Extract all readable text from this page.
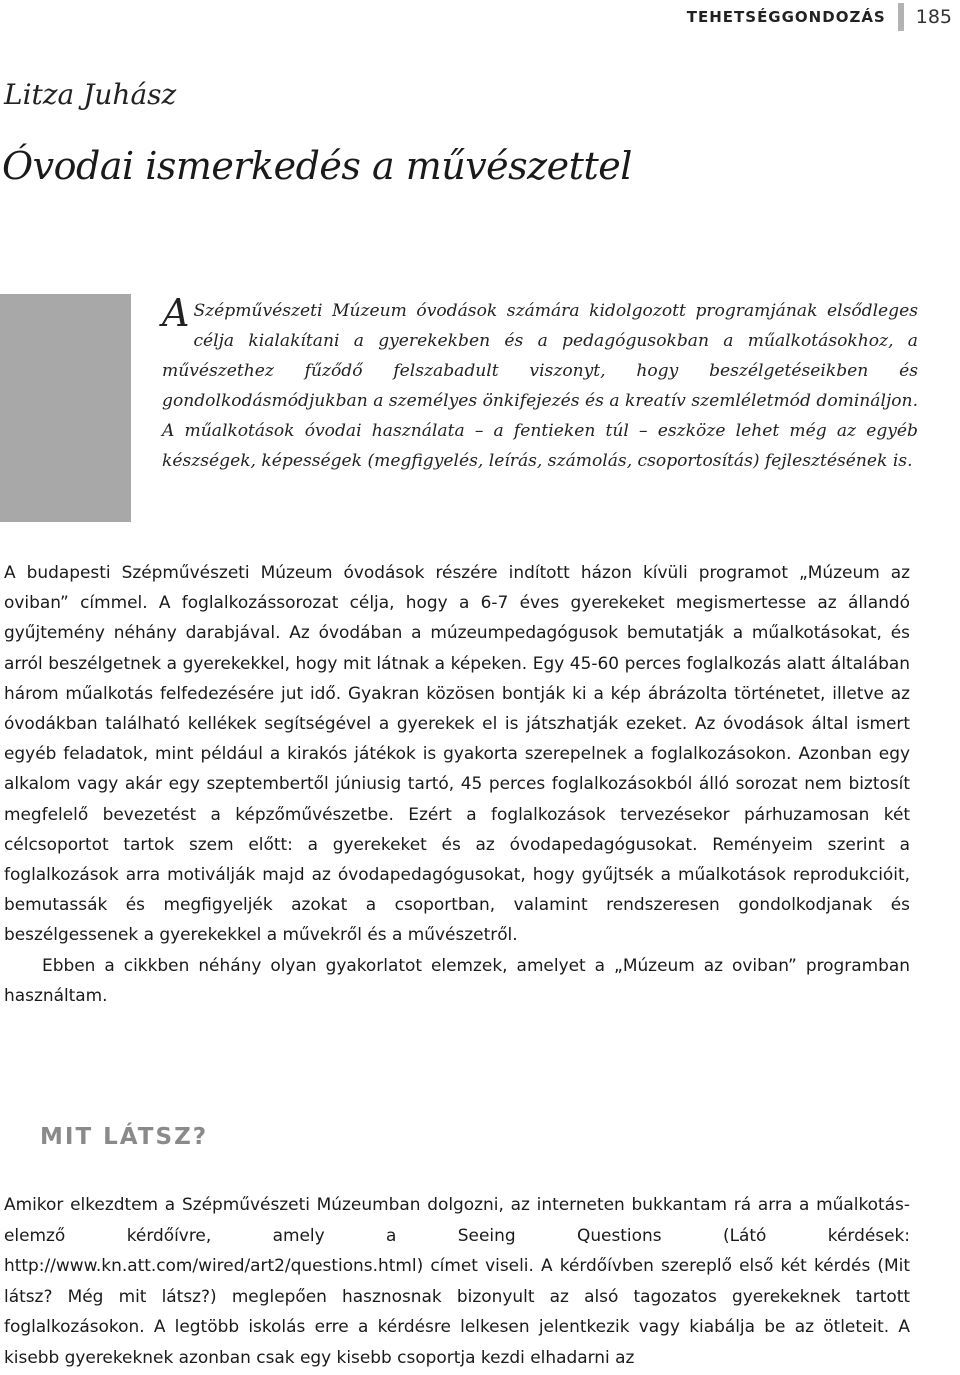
TEHETSÉGGONDOZÁS	185
Litza Juhász
Óvodai ismerkedés a művészettel

A Szépművészeti Múzeum óvodások számára kidolgozott programjának elsődleges célja kialakítani a gyerekekben és a pedagógusokban a műalkotásokhoz, a művészethez fűződő felszabadult viszonyt, hogy beszélgetéseikben és gondolkodásmódjukban a személyes önkifejezés és a kreatív szemléletmód domináljon. A műalkotások óvodai használata – a fentieken túl – eszköze lehet még az egyéb készségek, képességek (megfigyelés, leírás, számolás, csoportosítás) fejlesztésének is.

A budapesti Szépművészeti Múzeum óvodások részére indított házon kívüli programot „Múzeum az oviban” címmel. A foglalkozássorozat célja, hogy a 6-7 éves gyerekeket megismertesse az állandó gyűjtemény néhány darabjával. Az óvodában a múzeumpedagógusok bemutatják a műalkotásokat, és arról beszélgetnek a gyerekekkel, hogy mit látnak a képeken. Egy 45-60 perces foglalkozás alatt általában három műalkotás felfedezésére jut idő. Gyakran közösen bontják ki a kép ábrázolta történetet, illetve az óvodákban található kellékek segítségével a gyerekek el is játszhatják ezeket. Az óvodások által ismert egyéb feladatok, mint például a kirakós játékok is gyakorta szerepelnek a foglalkozásokon. Azonban egy alkalom vagy akár egy szeptembertől júniusig tartó, 45 perces foglalkozásokból álló sorozat nem biztosít megfelelő bevezetést a képzőművészetbe. Ezért a foglalkozások tervezésekor párhuzamosan két célcsoportot tartok szem előtt: a gyerekeket és az óvodapedagógusokat. Reményeim szerint a foglalkozások arra motiválják majd az óvodapedagógusokat, hogy gyűjtsék a műalkotások reprodukcióit, bemutassák és megfigyeljék azokat a csoportban, valamint rendszeresen gondolkodjanak és beszélgessenek a gyerekekkel a művekről és a művészetről.

Ebben a cikkben néhány olyan gyakorlatot elemzek, amelyet a „Múzeum az oviban” programban használtam.

MIT LÁTSZ?

Amikor elkezdtem a Szépművészeti Múzeumban dolgozni, az interneten bukkantam rá arra a műalkotás-elemző kérdőívre, amely a Seeing Questions (Látó kérdések: http://www.kn.att.com/wired/art2/questions.html) címet viseli. A kérdőívben szereplő első két kérdés (Mit látsz? Még mit látsz?) meglepően hasznosnak bizonyult az alsó tagozatos gyerekeknek tartott foglalkozásokon. A legtöbb iskolás erre a kérdésre lelkesen jelentkezik vagy kiabálja be az ötleteit. A kisebb gyerekeknek azonban csak egy kisebb csoportja kezdi elhadarni az
